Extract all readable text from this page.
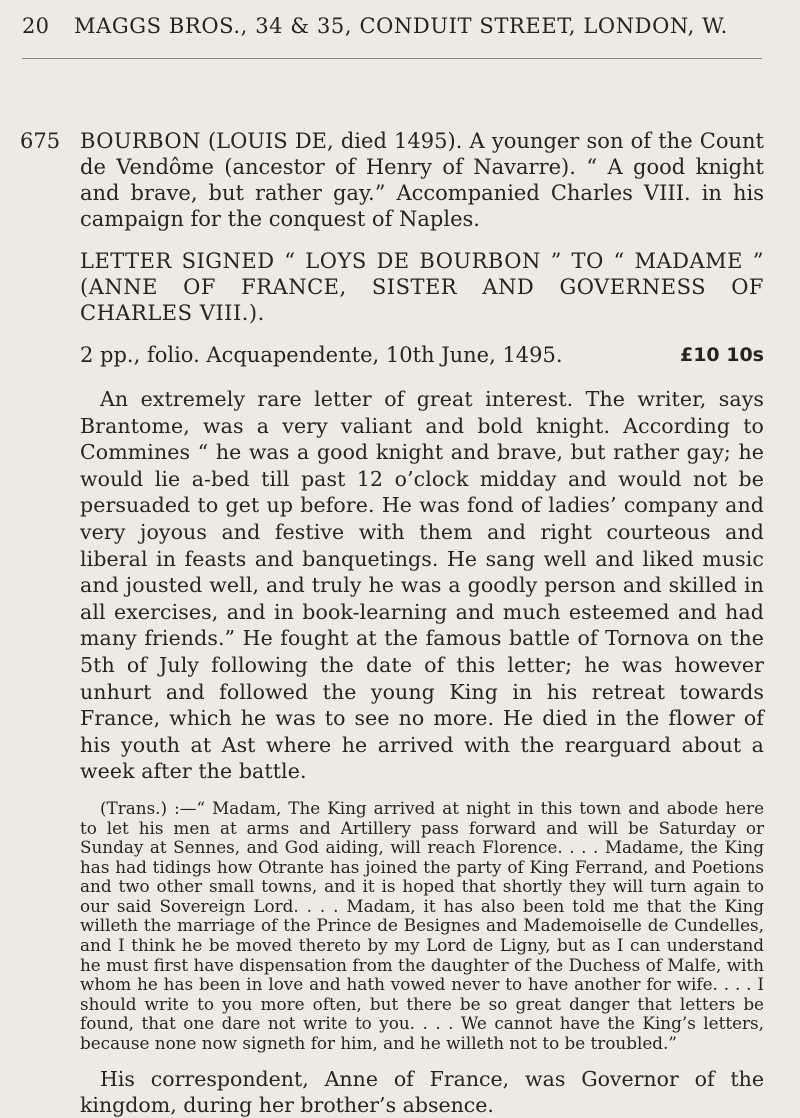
20	MAGGS BROS., 34 & 35, CONDUIT STREET, LONDON, W.

675 BOURBON (LOUIS DE, died 1495). A younger son of the Count de Vendôme (ancestor of Henry of Navarre). “ A good knight and brave, but rather gay.” Accompanied Charles VIII. in his campaign for the conquest of Naples.

LETTER SIGNED “ LOYS DE BOURBON ” TO “ MADAME ” (ANNE OF FRANCE, SISTER AND GOVERNESS OF CHARLES VIII.).

2 pp., folio. Acquapendente, 10th June, 1495.	£10 10s

An extremely rare letter of great interest. The writer, says Brantome, was a very valiant and bold knight. According to Commines “ he was a good knight and brave, but rather gay; he would lie a-bed till past 12 o’clock midday and would not be persuaded to get up before. He was fond of ladies’ company and very joyous and festive with them and right courteous and liberal in feasts and banquetings. He sang well and liked music and jousted well, and truly he was a goodly person and skilled in all exercises, and in book-learning and much esteemed and had many friends.” He fought at the famous battle of Tornova on the 5th of July following the date of this letter; he was however unhurt and followed the young King in his retreat towards France, which he was to see no more. He died in the flower of his youth at Ast where he arrived with the rearguard about a week after the battle.

(Trans.) :—“ Madam, The King arrived at night in this town and abode here to let his men at arms and Artillery pass forward and will be Saturday or Sunday at Sennes, and God aiding, will reach Florence. . . . Madame, the King has had tidings how Otrante has joined the party of King Ferrand, and Poetions and two other small towns, and it is hoped that shortly they will turn again to our said Sovereign Lord. . . . Madam, it has also been told me that the King willeth the marriage of the Prince de Besignes and Mademoiselle de Cundelles, and I think he be moved thereto by my Lord de Ligny, but as I can understand he must first have dispensation from the daughter of the Duchess of Malfe, with whom he has been in love and hath vowed never to have another for wife. . . . I should write to you more often, but there be so great danger that letters be found, that one dare not write to you. . . . We cannot have the King’s letters, because none now signeth for him, and he willeth not to be troubled.”

His correspondent, Anne of France, was Governor of the kingdom, during her brother’s absence.
